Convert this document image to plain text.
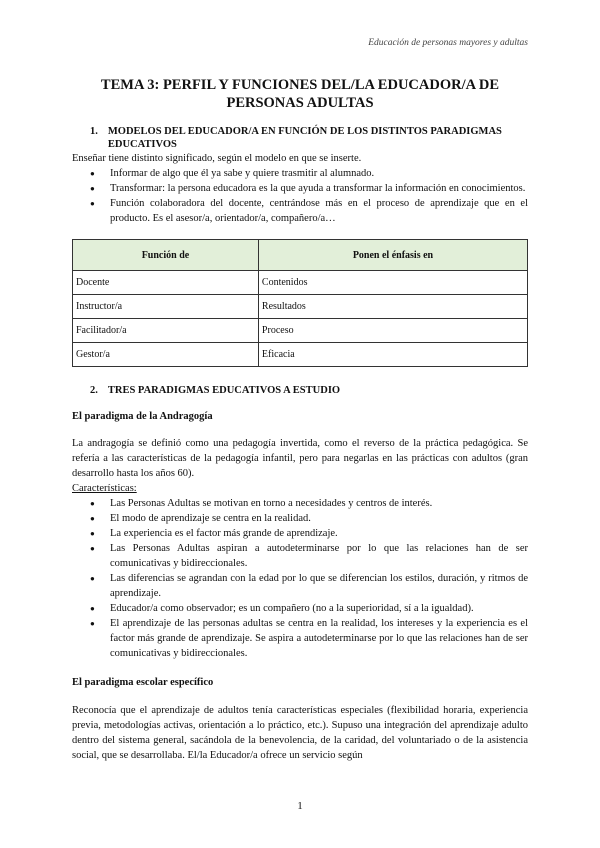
Educación de personas mayores y adultas
TEMA 3: PERFIL Y FUNCIONES DEL/LA EDUCADOR/A DE PERSONAS ADULTAS
1. MODELOS DEL EDUCADOR/A EN FUNCIÓN DE LOS DISTINTOS PARADIGMAS EDUCATIVOS

Enseñar tiene distinto significado, según el modelo en que se inserte.

● Informar de algo que él ya sabe y quiere trasmitir al alumnado.
● Transformar: la persona educadora es la que ayuda a transformar la información en conocimientos.
● Función colaboradora del docente, centrándose más en el proceso de aprendizaje que en el producto. Es el asesor/a, orientador/a, compañero/a…
Función de	Ponen el énfasis en
Docente	Contenidos
Instructor/a	Resultados
Facilitador/a	Proceso
Gestor/a	Eficacia
2. TRES PARADIGMAS EDUCATIVOS A ESTUDIO
El paradigma de la Andragogía

La andragogía se definió como una pedagogía invertida, como el reverso de la práctica pedagógica. Se refería a las características de la pedagogía infantil, pero para negarlas en las prácticas con adultos (gran desarrollo hasta los años 60).

Características:
● Las Personas Adultas se motivan en torno a necesidades y centros de interés.
● El modo de aprendizaje se centra en la realidad.
● La experiencia es el factor más grande de aprendizaje.
● Las Personas Adultas aspiran a autodeterminarse por lo que las relaciones han de ser comunicativas y bidireccionales.
● Las diferencias se agrandan con la edad por lo que se diferencian los estilos, duración, y ritmos de aprendizaje.
● Educador/a como observador; es un compañero (no a la superioridad, sí a la igualdad).
● El aprendizaje de las personas adultas se centra en la realidad, los intereses y la experiencia es el factor más grande de aprendizaje. Se aspira a autodeterminarse por lo que las relaciones han de ser comunicativas y bidireccionales.
El paradigma escolar específico

Reconocía que el aprendizaje de adultos tenía características especiales (flexibilidad horaria, experiencia previa, metodologías activas, orientación a lo práctico, etc.). Supuso una integración del aprendizaje adulto dentro del sistema general, sacándola de la benevolencia, de la caridad, del voluntariado o de la asistencia social, que se desarrollaba. El/la Educador/a ofrece un servicio según

1
